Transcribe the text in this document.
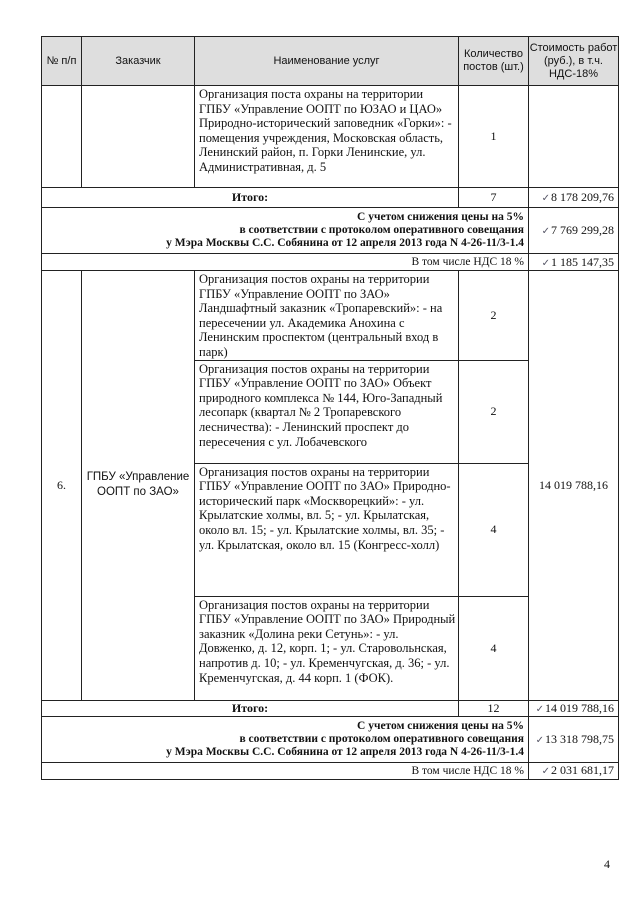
№ п/п	Заказчик	Наименование услуг	Количество постов (шт.)	Стоимость работ (руб.), в т.ч. НДС-18%
		Организация поста охраны на территории ГПБУ «Управление ООПТ по ЮЗАО и ЦАО» Природно-исторический заповедник «Горки»: - помещения учреждения, Московская область, Ленинский район, п. Горки Ленинские, ул. Административная, д. 5	1	
Итого:			7	✓8 178 209,76

С учетом снижения цены на 5%
в соответствии с протоколом оперативного совещания
у Мэра Москвы С.С. Собянина от 12 апреля 2013 года N 4-26-11/3-1.4				✓7 769 299,28
В том числе НДС 18 %				✓1 185 147,35
6.	ГПБУ «Управление ООПТ по ЗАО»	Организация постов охраны на территории ГПБУ «Управление ООПТ по ЗАО» Ландшафтный заказник «Тропаревский»: - на пересечении ул. Академика Анохина с Ленинским проспектом (центральный вход в парк)	2	14 019 788,16
		Организация постов охраны на территории ГПБУ «Управление ООПТ по ЗАО» Объект природного комплекса № 144, Юго-Западный лесопарк (квартал № 2 Тропаревского лесничества): - Ленинский проспект до пересечения с ул. Лобачевского	2	
		Организация постов охраны на территории ГПБУ «Управление ООПТ по ЗАО» Природно-исторический парк «Москворецкий»: - ул. Крылатские холмы, вл. 5; - ул. Крылатская, около вл. 15; - ул. Крылатские холмы, вл. 35; - ул. Крылатская, около вл. 15 (Конгресс-холл)	4	
		Организация постов охраны на территории ГПБУ «Управление ООПТ по ЗАО» Природный заказник «Долина реки Сетунь»: - ул. Довженко, д. 12, корп. 1; - ул. Старовольнская, напротив д. 10; - ул. Кременчугская, д. 36; - ул. Кременчугская, д. 44 корп. 1 (ФОК).	4	
Итого:			12	✓14 019 788,16

С учетом снижения цены на 5%
в соответствии с протоколом оперативного совещания
у Мэра Москвы С.С. Собянина от 12 апреля 2013 года N 4-26-11/3-1.4				✓13 318 798,75
В том числе НДС 18 %				✓2 031 681,17
4
